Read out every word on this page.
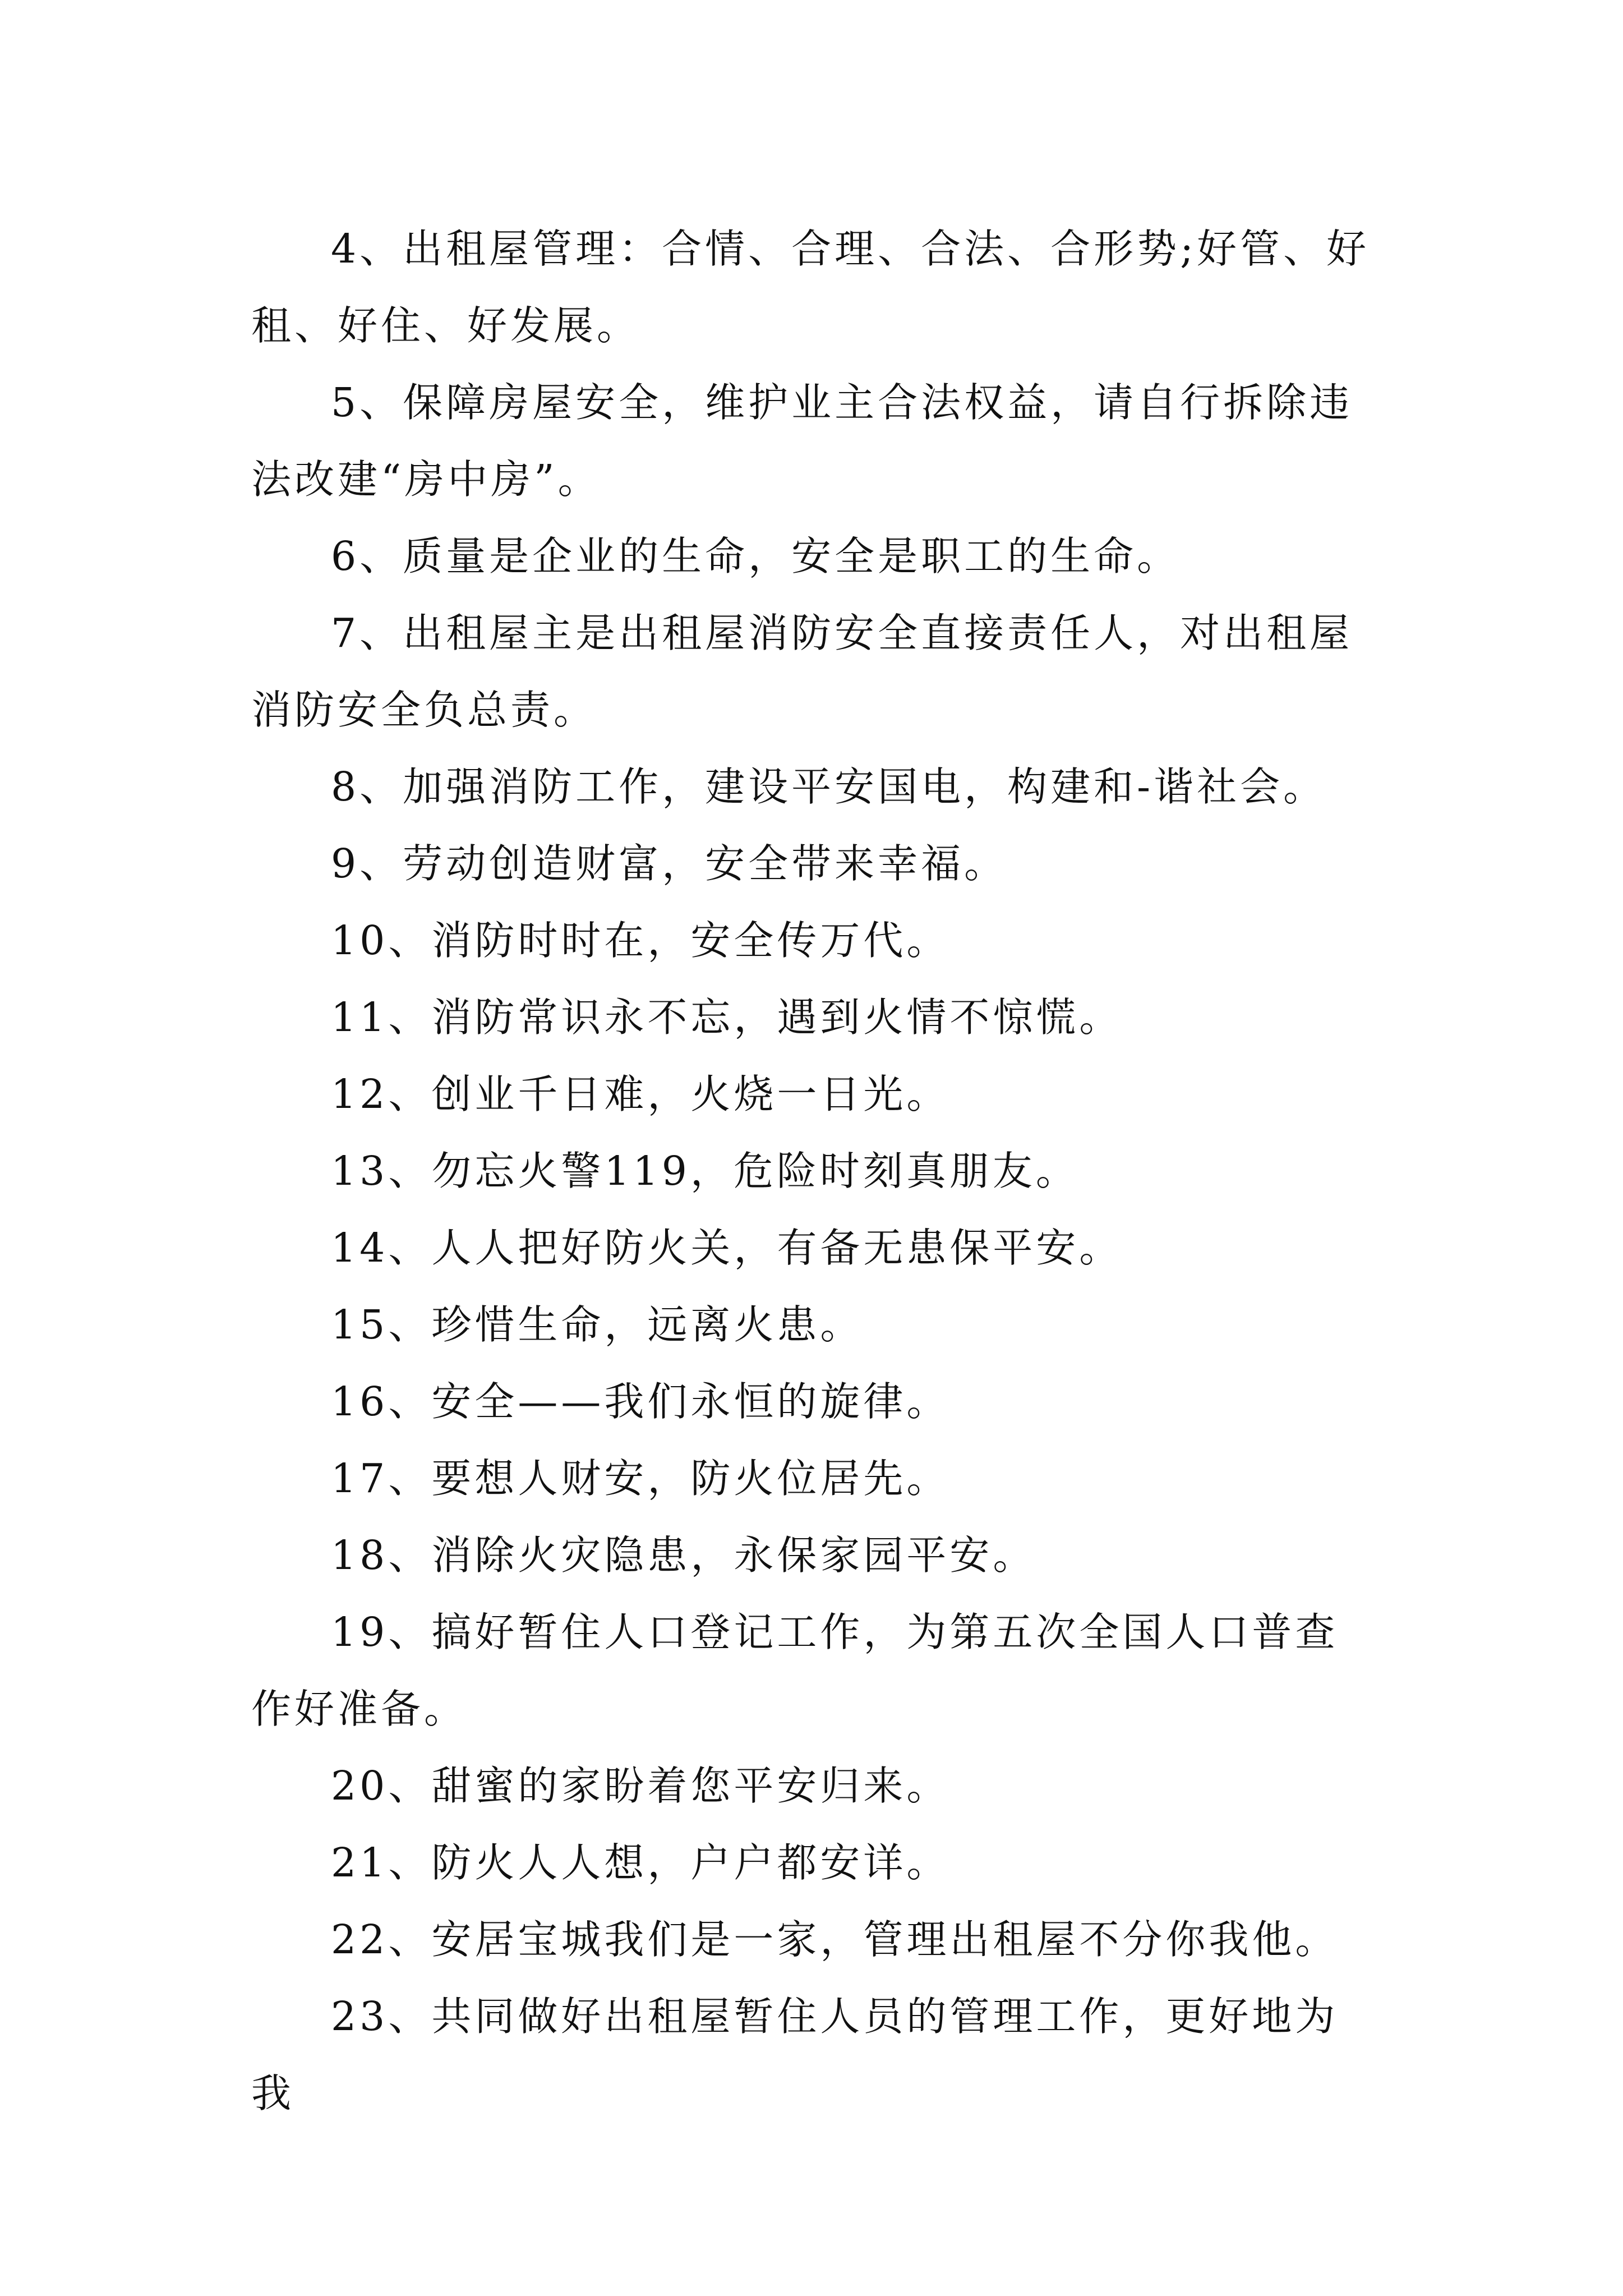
4、出租屋管理：合情、合理、合法、合形势;好管、好租、好住、好发展。

5、保障房屋安全，维护业主合法权益，请自行拆除违法改建“房中房”。

6、质量是企业的生命，安全是职工的生命。

7、出租屋主是出租屋消防安全直接责任人，对出租屋消防安全负总责。

8、加强消防工作，建设平安国电，构建和-谐社会。

9、劳动创造财富，安全带来幸福。

10、消防时时在，安全传万代。

11、消防常识永不忘，遇到火情不惊慌。

12、创业千日难，火烧一日光。

13、勿忘火警119，危险时刻真朋友。

14、人人把好防火关，有备无患保平安。

15、珍惜生命，远离火患。

16、安全——我们永恒的旋律。

17、要想人财安，防火位居先。

18、消除火灾隐患，永保家园平安。

19、搞好暂住人口登记工作，为第五次全国人口普查作好准备。

20、甜蜜的家盼着您平安归来。

21、防火人人想，户户都安详。

22、安居宝城我们是一家，管理出租屋不分你我他。

23、共同做好出租屋暂住人员的管理工作，更好地为我
